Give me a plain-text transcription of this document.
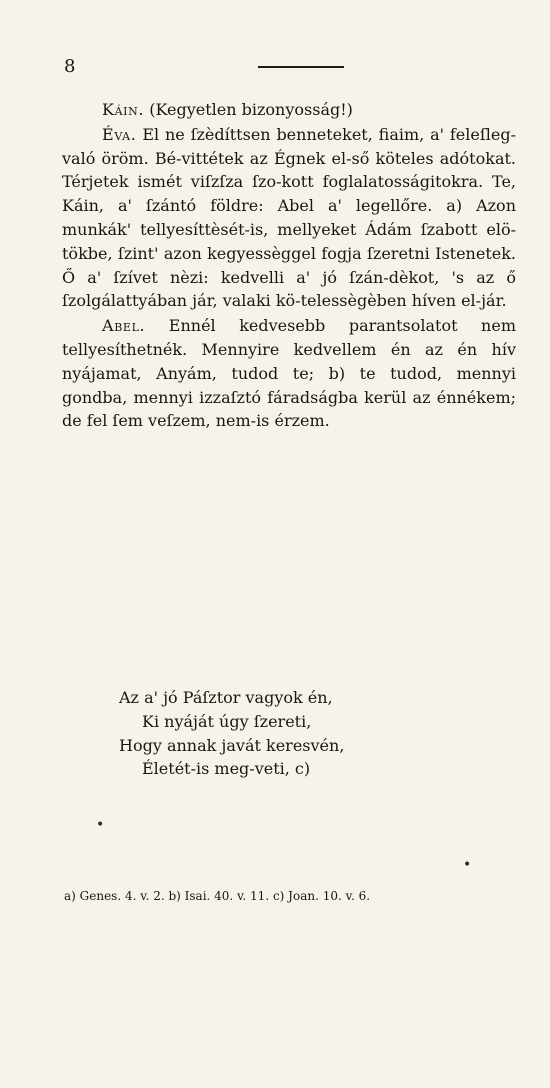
8

Káin. (Kegyetlen bizonyosság!)

Éva. El ne ſzèdíttsen benneteket, fiaim, a' feleſleg-való öröm. Bé-vittétek az Égnek el-ső köteles adótokat. Térjetek ismét viſzſza ſzo-kott foglalatosságitokra. Te, Káin, a' ſzántó földre: Abel a' legellőre. a) Azon munkák' tellyesíttèsét-is, mellyeket Ádám ſzabott elö-tökbe, ſzint' azon kegyessèggel fogja ſzeretni Istenetek. Ő a' ſzívet nèzi: kedvelli a' jó ſzán-dèkot, 's az ő ſzolgálattyában jár, valaki kö-telessègèben híven el-jár.

Abel. Ennél kedvesebb parantsolatot nem tellyesíthetnék. Mennyire kedvellem én az én hív nyájamat, Anyám, tudod te; b) te tudod, mennyi gondba, mennyi izzaſztó fáradságba kerül az énnékem; de fel ſem veſzem, nem-is érzem.

Az a' jó Páſztor vagyok én,

Ki nyáját úgy ſzereti,

Hogy annak javát keresvén,

Életét-is meg-veti, c)

•
•
a) Genes. 4. v. 2. b) Isai. 40. v. 11. c) Joan. 10. v. 6.
